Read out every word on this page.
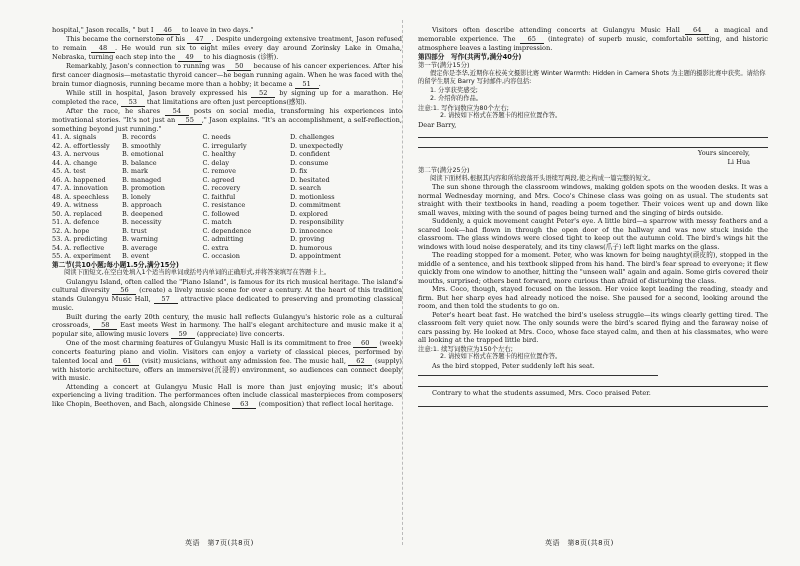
hospital," Jason recalls, " but I 46 to leave in two days."

This became the cornerstone of his 47 . Despite undergoing extensive treatment, Jason refused to remain 48 . He would run six to eight miles every day around Zorinsky Lake in Omaha, Nebraska, turning each step into the 49 to his diagnosis (诊断).

Remarkably, Jason's connection to running was 50 because of his cancer experiences. After his first cancer diagnosis—metastatic thyroid cancer—he began running again. When he was faced with the brain tumor diagnosis, running became more than a hobby; it became a 51 .

While still in hospital, Jason bravely expressed his 52 by signing up for a marathon. He completed the race, 53 that limitations are often just perceptions(感知).

After the race, he shares 54 posts on social media, transforming his experiences into motivational stories. "It's not just an 55 ," Jason explains. "It's an accomplishment, a self-reflection, something beyond just running."

41. A. signals	B. records	C. needs	D. challenges
42. A. effortlessly	B. smoothly	C. irregularly	D. unexpectedly
43. A. nervous	B. emotional	C. healthy	D. confident
44. A. change	B. balance	C. delay	D. consume
45. A. test	B. mark	C. remove	D. fix
46. A. happened	B. managed	C. agreed	D. hesitated
47. A. innovation	B. promotion	C. recovery	D. search
48. A. speechless	B. lonely	C. faithful	D. motionless
49. A. witness	B. approach	C. resistance	D. commitment
50. A. replaced	B. deepened	C. followed	D. explored
51. A. defence	B. necessity	C. match	D. responsibility
52. A. hope	B. trust	C. dependence	D. innocence
53. A. predicting	B. warning	C. admitting	D. proving
54. A. reflective	B. average	C. extra	D. humorous
55. A. experiment	B. event	C. occasion	D. appointment

第二节(共10小题;每小题1.5分,满分15分)

阅读下面短文,在空白处填入1个适当的单词或括号内单词的正确形式,并将答案填写在答题卡上。

Gulangyu Island, often called the "Piano Island", is famous for its rich musical heritage. The island's cultural diversity 56 (create) a lively music scene for over a century. At the heart of this tradition stands Gulangyu Music Hall, 57 attractive place dedicated to preserving and promoting classical music.

Built during the early 20th century, the music hall reflects Gulangyu's historic role as a cultural crossroads, 58 East meets West in harmony. The hall's elegant architecture and music make it a popular site, allowing music lovers 59 (appreciate) live concerts.

One of the most charming features of Gulangyu Music Hall is its commitment to free 60 (week) concerts featuring piano and violin. Visitors can enjoy a variety of classical pieces, performed by talented local and 61 (visit) musicians, without any admission fee. The music hall, 62 (supply) with historic architecture, offers an immersive(沉浸的) environment, so audiences can connect deeply with music.

Attending a concert at Gulangyu Music Hall is more than just enjoying music; it's about experiencing a living tradition. The performances often include classical masterpieces from composers like Chopin, Beethoven, and Bach, alongside Chinese 63 (composition) that reflect local heritage.

Visitors often describe attending concerts at Gulangyu Music Hall 64 a magical and memorable experience. The 65 (integrate) of superb music, comfortable setting, and historic atmosphere leaves a lasting impression.

第四部分　写作(共两节,满分40分)

第一节(满分15分)

假定你是李华,近期你在校英文摄影比赛 Winter Warmth: Hidden in Camera Shots 为主题的摄影比赛中获奖。请给你的留学生朋友 Barry 写封邮件,内容包括:

1. 分享获奖感受;

2. 介绍你的作品。

注意:1. 写作词数应为80个左右;

2. 请按如下格式在答题卡的相应位置作答。

Dear Barry,

Yours sincerely,

Li Hua

第二节(满分25分)

阅读下面材料,根据其内容和所给段落开头语续写两段,使之构成一篇完整的短文。

The sun shone through the classroom windows, making golden spots on the wooden desks. It was a normal Wednesday morning, and Mrs. Coco's Chinese class was going on as usual. The students sat straight with their textbooks in hand, reading a poem together. Their voices went up and down like small waves, mixing with the sound of pages being turned and the singing of birds outside.

Suddenly, a quick movement caught Peter's eye. A little bird—a sparrow with messy feathers and a scared look—had flown in through the open door of the hallway and was now stuck inside the classroom. The glass windows were closed tight to keep out the autumn cold. The bird's wings hit the windows with loud noise desperately, and its tiny claws(爪子) left light marks on the glass.

The reading stopped for a moment. Peter, who was known for being naughty(顽皮的), stopped in the middle of a sentence, and his textbook slipped from his hand. The bird's fear spread to everyone; it flew quickly from one window to another, hitting the "unseen wall" again and again. Some girls covered their mouths, surprised; others bent forward, more curious than afraid of disturbing the class.

Mrs. Coco, though, stayed focused on the lesson. Her voice kept leading the reading, steady and firm. But her sharp eyes had already noticed the noise. She paused for a second, looking around the room, and then told the students to go on.

Peter's heart beat fast. He watched the bird's useless struggle—its wings clearly getting tired. The classroom felt very quiet now. The only sounds were the bird's scared flying and the faraway noise of cars passing by. He looked at Mrs. Coco, whose face stayed calm, and then at his classmates, who were all looking at the trapped little bird.

注意:1. 续写词数应为150个左右;

2. 请按如下格式在答题卡的相应位置作答。

As the bird stopped, Peter suddenly left his seat.

Contrary to what the students assumed, Mrs. Coco praised Peter.

英语　第7页(共8页)	英语　第8页(共8页)
